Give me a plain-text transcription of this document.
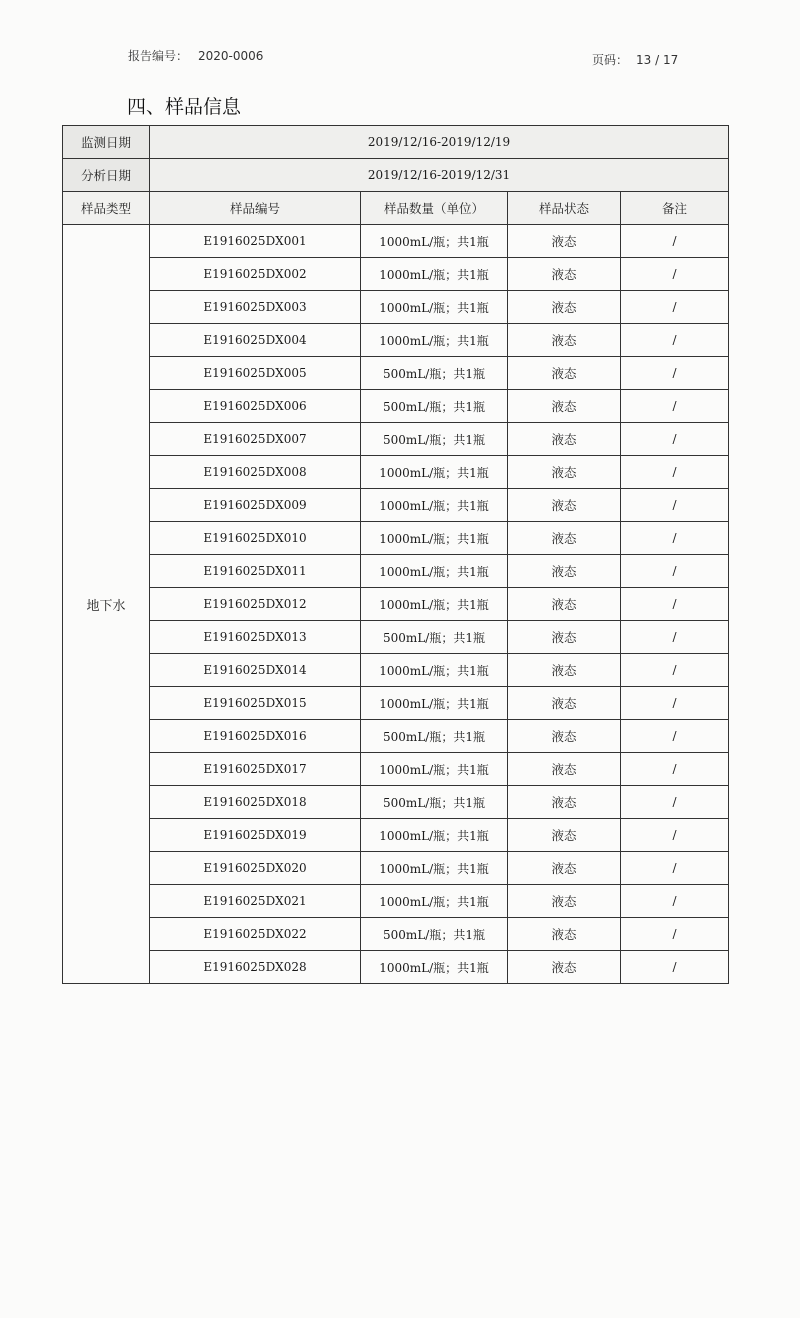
报告编号： 2020-0006	页码： 13 / 17
四、样品信息
监测日期	2019/12/16-2019/12/19			
分析日期	2019/12/16-2019/12/31			
样品类型	样品编号	样品数量（单位）	样品状态	备注
地下水	E1916025DX001	1000mL/瓶；共1瓶	液态	/
	E1916025DX002	1000mL/瓶；共1瓶	液态	/
	E1916025DX003	1000mL/瓶；共1瓶	液态	/
	E1916025DX004	1000mL/瓶；共1瓶	液态	/
	E1916025DX005	500mL/瓶；共1瓶	液态	/
	E1916025DX006	500mL/瓶；共1瓶	液态	/
	E1916025DX007	500mL/瓶；共1瓶	液态	/
	E1916025DX008	1000mL/瓶；共1瓶	液态	/
	E1916025DX009	1000mL/瓶；共1瓶	液态	/
	E1916025DX010	1000mL/瓶；共1瓶	液态	/
	E1916025DX011	1000mL/瓶；共1瓶	液态	/
	E1916025DX012	1000mL/瓶；共1瓶	液态	/
	E1916025DX013	500mL/瓶；共1瓶	液态	/
	E1916025DX014	1000mL/瓶；共1瓶	液态	/
	E1916025DX015	1000mL/瓶；共1瓶	液态	/
	E1916025DX016	500mL/瓶；共1瓶	液态	/
	E1916025DX017	1000mL/瓶；共1瓶	液态	/
	E1916025DX018	500mL/瓶；共1瓶	液态	/
	E1916025DX019	1000mL/瓶；共1瓶	液态	/
	E1916025DX020	1000mL/瓶；共1瓶	液态	/
	E1916025DX021	1000mL/瓶；共1瓶	液态	/
	E1916025DX022	500mL/瓶；共1瓶	液态	/
	E1916025DX028	1000mL/瓶；共1瓶	液态	/
